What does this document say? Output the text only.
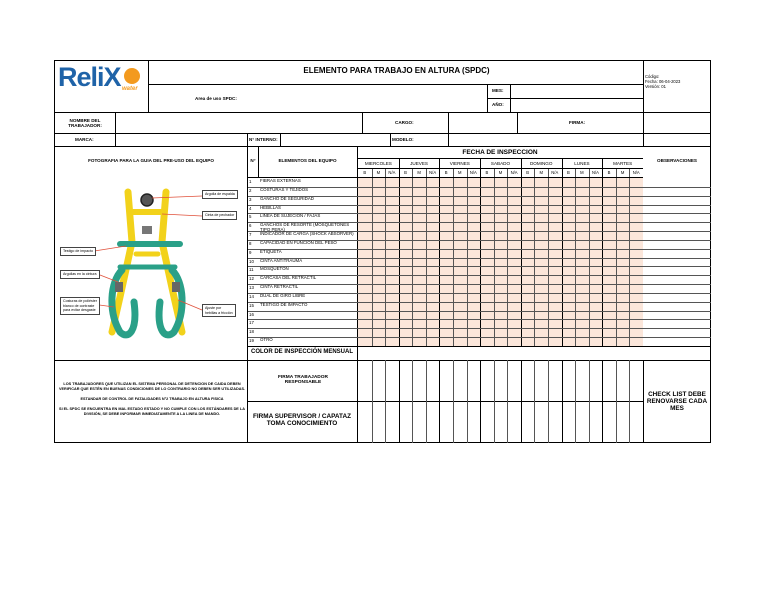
ReliX water
ELEMENTO PARA TRABAJO EN ALTURA (SPDC)
Código:
Fecha: 06-04-2023
Versión: 01
Area de uso SPDC:
MES:
AÑO:
NOMBRE DEL TRABAJADOR:
CARGO:	FIRMA:
MARCA:	N° INTERNO:	MODELO:
FOTOGRAFIA PARA LA GUIA DEL PRE-USO DEL EQUIPO	N°	ELEMENTOS DEL EQUIPO
FECHA DE INSPECCION
OBSERVACIONES
MIERCOLES
B	M	N/A
JUEVES
B	M	N/A
VIERNES
B	M	N/A
SABADO
B	M	N/A
DOMINGO
B	M	N/A
LUNES
B	M	N/A
MARTES
B	M	N/A
Argolla de espalda
Cinta de pechador
Testigo de impacto
Argollas en la cintura
Costuras de poliéster blanco de contraste para evitar desgaste	Ajuste por hebillas a fricción
1	FIBRAS EXTERNAS
2	COSTURAS Y TEJIDOS
3	GANCHO DE SEGURIDAD
4	HEBILLAS
5	LINEA DE SUJECION / FAJAS
6	GANCHOS DE RESORTE (MOSQUETONES TIPO PERA)
7	INDICADOR DE CARGA (SHOCK ABSORVER)
8	CAPACIDAD EN FUNCION DEL PESO
9	ETIQUETA
10	CINTA ANTITRAUMA
11	MOSQUETON
12	CARCASA DEL RETRACTIL
13	CINTA RETRACTIL
14	DUAL DE GIRO LIBRE
15	TESTIGO DE IMPACTO
16
17
18
19	OTRO
COLOR DE INSPECCIÓN MENSUAL
LOS TRABAJADORES QUE UTILIZAN EL SISTEMA PERSONAL DE DETENCION DE CAIDA DEBEN VERIFICAR QUE ESTÉN EN BUENAS CONDICIONES DE LO CONTRARIO NO DEBEN SER UTILIZADAS.
ESTANDAR DE CONTROL DE FATALIDADES N°2 TRABAJO EN ALTURA FISICA
SI EL SPDC SE ENCUENTRA EN MAL ESTADO ESTADO Y NO CUMPLE CON LOS ESTÁNDARES DE LA DIVISIÓN, SE DEBE INFORMAR INMEDIATAMENTE A LA LINEA DE MANDO.
FIRMA TRABAJADOR RESPONSABLE
FIRMA SUPERVISOR / CAPATAZ TOMA CONOCIMIENTO
CHECK LIST DEBE RENOVARSE CADA MES
